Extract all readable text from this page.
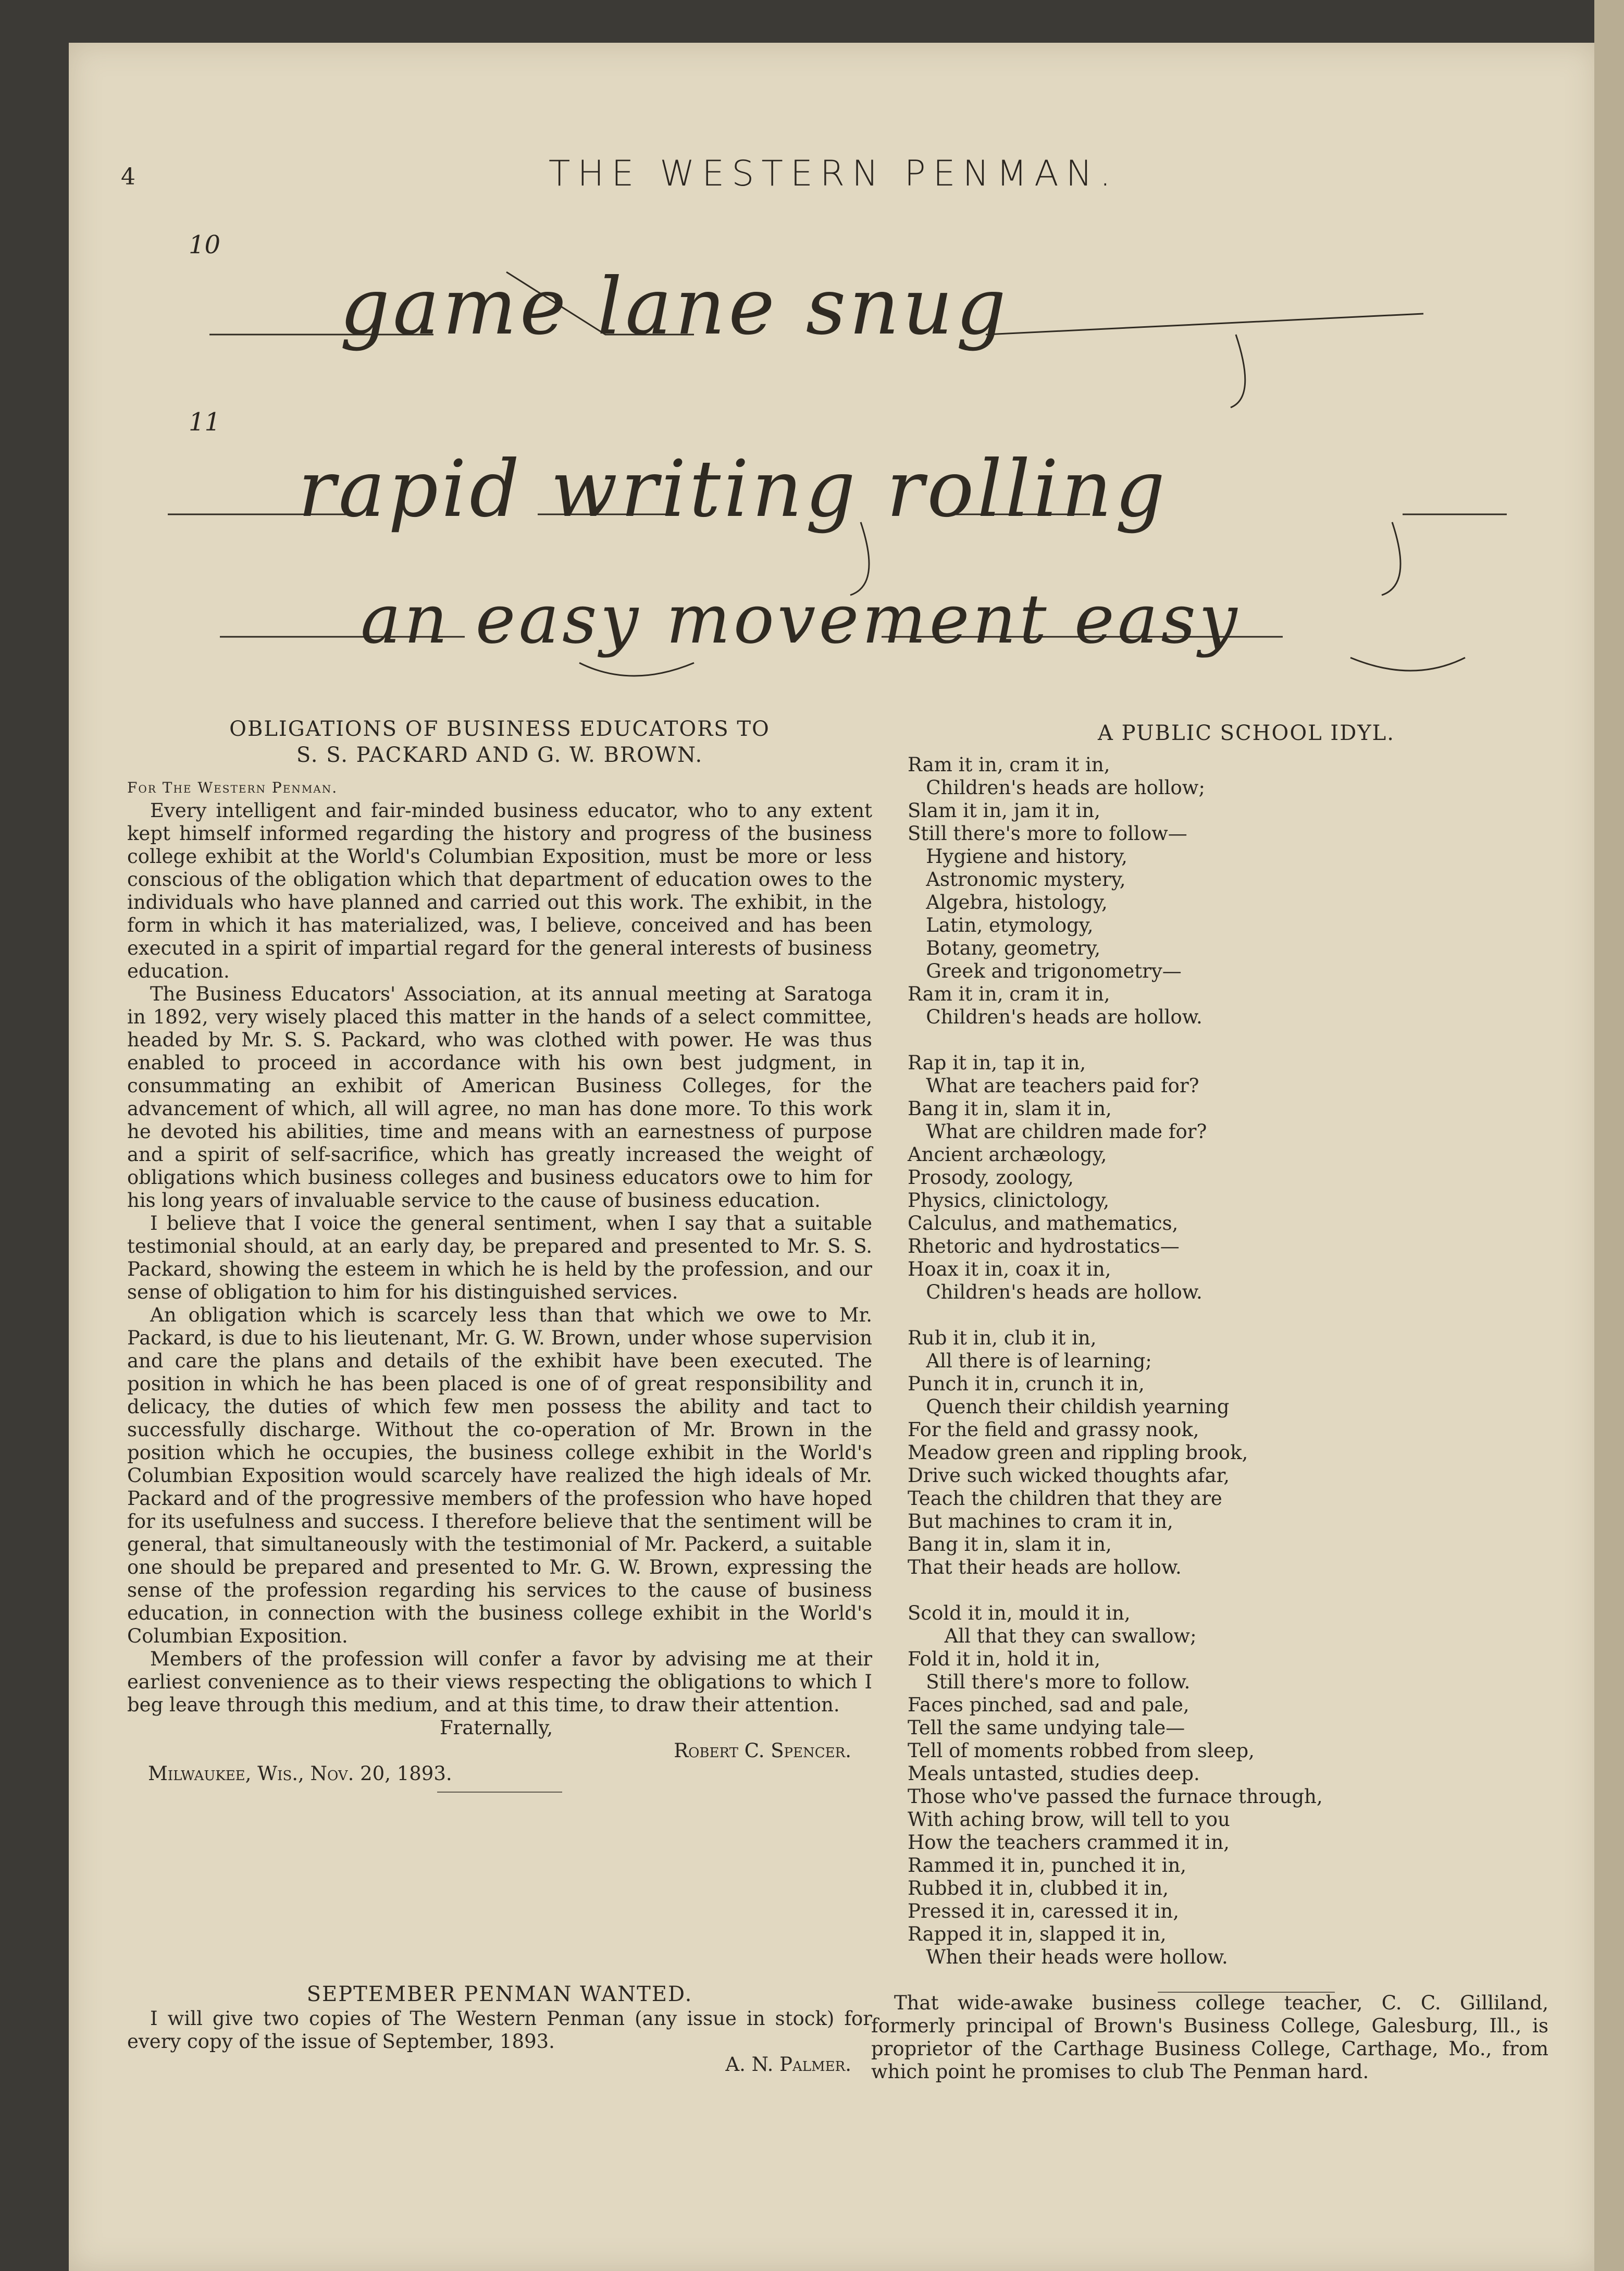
4	THE WESTERN PENMAN.
10
game lane snug
11
rapid writing rolling
an easy movement easy
OBLIGATIONS OF BUSINESS EDUCATORS TO
S. S. PACKARD AND G. W. BROWN.
For The Western Penman.

Every intelligent and fair-minded business educator, who to any extent kept himself informed regarding the history and progress of the business college exhibit at the World's Columbian Exposition, must be more or less conscious of the obligation which that department of education owes to the individuals who have planned and carried out this work. The exhibit, in the form in which it has materialized, was, I believe, conceived and has been executed in a spirit of impartial regard for the general interests of business education.

The Business Educators' Association, at its annual meeting at Saratoga in 1892, very wisely placed this matter in the hands of a select committee, headed by Mr. S. S. Packard, who was clothed with power. He was thus enabled to proceed in accordance with his own best judgment, in consummating an exhibit of American Business Colleges, for the advancement of which, all will agree, no man has done more. To this work he devoted his abilities, time and means with an earnestness of purpose and a spirit of self-sacrifice, which has greatly increased the weight of obligations which business colleges and business educators owe to him for his long years of invaluable service to the cause of business education.

I believe that I voice the general sentiment, when I say that a suitable testimonial should, at an early day, be prepared and presented to Mr. S. S. Packard, showing the esteem in which he is held by the profession, and our sense of obligation to him for his distinguished services.

An obligation which is scarcely less than that which we owe to Mr. Packard, is due to his lieutenant, Mr. G. W. Brown, under whose supervision and care the plans and details of the exhibit have been executed. The position in which he has been placed is one of of great responsibility and delicacy, the duties of which few men possess the ability and tact to successfully discharge. Without the co-operation of Mr. Brown in the position which he occupies, the business college exhibit in the World's Columbian Exposition would scarcely have realized the high ideals of Mr. Packard and of the progressive members of the profession who have hoped for its usefulness and success. I therefore believe that the sentiment will be general, that simultaneously with the testimonial of Mr. Packerd, a suitable one should be prepared and presented to Mr. G. W. Brown, expressing the sense of the profession regarding his services to the cause of business education, in connection with the business college exhibit in the World's Columbian Exposition.

Members of the profession will confer a favor by advising me at their earliest convenience as to their views respecting the obligations to which I beg leave through this medium, and at this time, to draw their attention.

Fraternally,
Robert C. Spencer.
Milwaukee, Wis., Nov. 20, 1893.
SEPTEMBER PENMAN WANTED.

I will give two copies of The Western Penman (any issue in stock) for every copy of the issue of September, 1893.

A. N. Palmer.
A PUBLIC SCHOOL IDYL.
Ram it in, cram it in,
Children's heads are hollow;
Slam it in, jam it in,
Still there's more to follow—
Hygiene and history,
Astronomic mystery,
Algebra, histology,
Latin, etymology,
Botany, geometry,
Greek and trigonometry—
Ram it in, cram it in,
Children's heads are hollow.
Rap it in, tap it in,
What are teachers paid for?
Bang it in, slam it in,
What are children made for?
Ancient archæology,
Prosody, zoology,
Physics, clinictology,
Calculus, and mathematics,
Rhetoric and hydrostatics—
Hoax it in, coax it in,
Children's heads are hollow.
Rub it in, club it in,
All there is of learning;
Punch it in, crunch it in,
Quench their childish yearning
For the field and grassy nook,
Meadow green and rippling brook,
Drive such wicked thoughts afar,
Teach the children that they are
But machines to cram it in,
Bang it in, slam it in,
That their heads are hollow.
Scold it in, mould it in,
All that they can swallow;
Fold it in, hold it in,
Still there's more to follow.
Faces pinched, sad and pale,
Tell the same undying tale—
Tell of moments robbed from sleep,
Meals untasted, studies deep.
Those who've passed the furnace through,
With aching brow, will tell to you
How the teachers crammed it in,
Rammed it in, punched it in,
Rubbed it in, clubbed it in,
Pressed it in, caressed it in,
Rapped it in, slapped it in,
When their heads were hollow.

That wide-awake business college teacher, C. C. Gilliland, formerly principal of Brown's Business College, Galesburg, Ill., is proprietor of the Carthage Business College, Carthage, Mo., from which point he promises to club The Penman hard.
